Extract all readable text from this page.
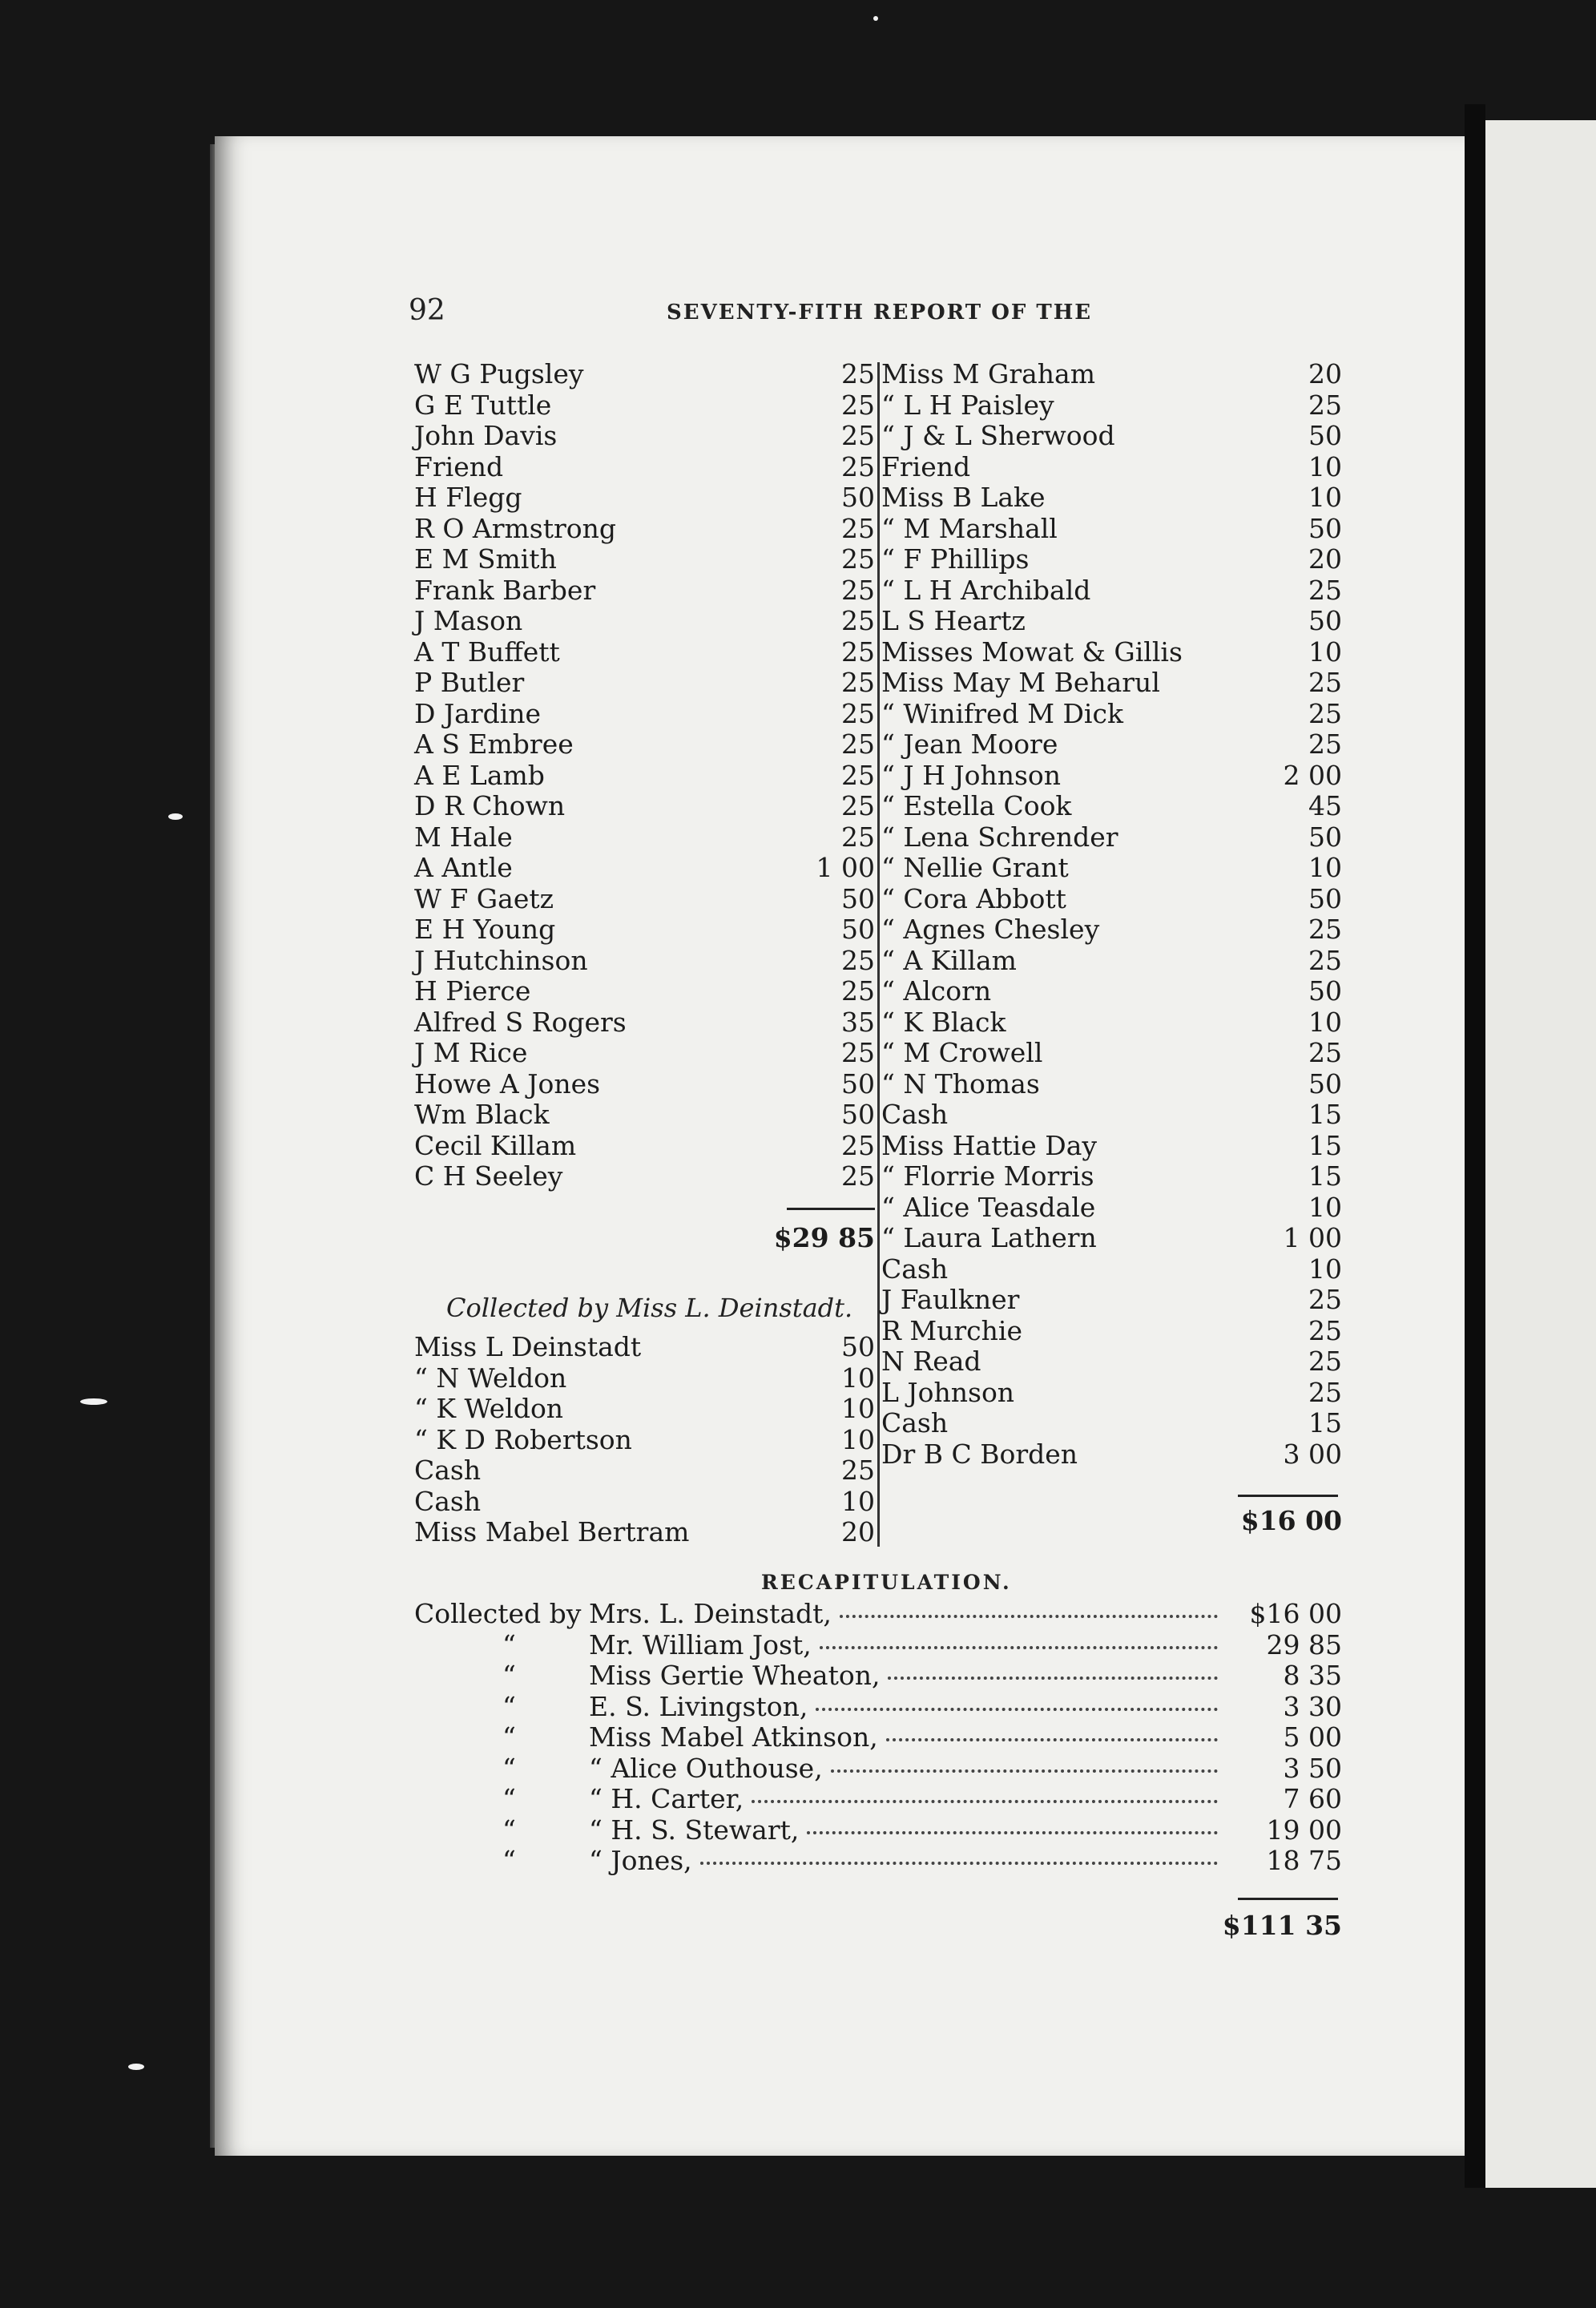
92	SEVENTY-FITH REPORT OF THE
W G Pugsley	25
G E Tuttle	25
John Davis	25
Friend	25
H Flegg	50
R O Armstrong	25
E M Smith	25
Frank Barber	25
J Mason	25
A T Buffett	25
P Butler	25
D Jardine	25
A S Embree	25
A E Lamb	25
D R Chown	25
M Hale	25
A Antle	1 00
W F Gaetz	50
E H Young	50
J Hutchinson	25
H Pierce	25
Alfred S Rogers	35
J M Rice	25
Howe A Jones	50
Wm Black	50
Cecil Killam	25
C H Seeley	25
$29 85
Collected by Miss L. Deinstadt.
Miss L Deinstadt	50
“ N Weldon	10
“ K Weldon	10
“ K D Robertson	10
Cash	25
Cash	10
Miss Mabel Bertram	20
Miss M Graham	20
“ L H Paisley	25
“ J & L Sherwood	50
Friend	10
Miss B Lake	10
“ M Marshall	50
“ F Phillips	20
“ L H Archibald	25
L S Heartz	50
Misses Mowat & Gillis	10
Miss May M Beharul	25
“ Winifred M Dick	25
“ Jean Moore	25
“ J H Johnson	2 00
“ Estella Cook	45
“ Lena Schrender	50
“ Nellie Grant	10
“ Cora Abbott	50
“ Agnes Chesley	25
“ A Killam	25
“ Alcorn	50
“ K Black	10
“ M Crowell	25
“ N Thomas	50
Cash	15
Miss Hattie Day	15
“ Florrie Morris	15
“ Alice Teasdale	10
“ Laura Lathern	1 00
Cash	10
J Faulkner	25
R Murchie	25
N Read	25
L Johnson	25
Cash	15
Dr B C Borden	3 00
$16 00
RECAPITULATION.
Collected by Mrs. L. Deinstadt,	$16 00
“	Mr. William Jost,	29 85
“	Miss Gertie Wheaton,	8 35
“	E. S. Livingston,	3 30
“	Miss Mabel Atkinson,	5 00
“	“ Alice Outhouse,	3 50
“	“ H. Carter,	7 60
“	“ H. S. Stewart,	19 00
“	“ Jones,	18 75
$111 35
